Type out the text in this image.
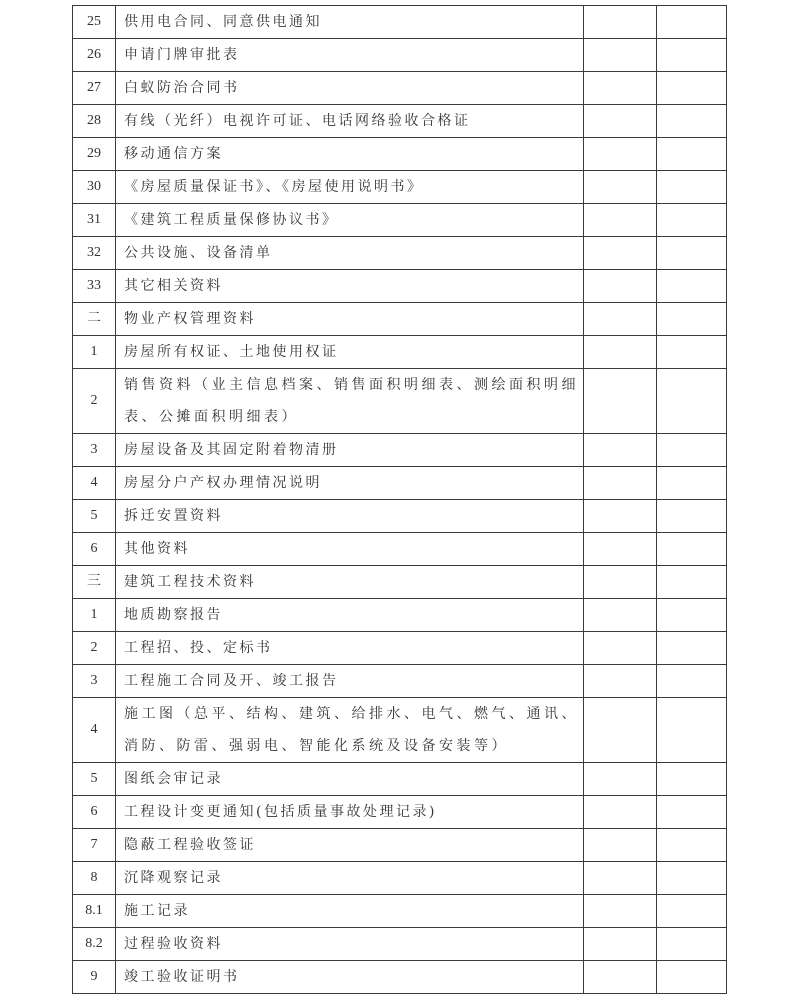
25	供用电合同、同意供电通知		
26	申请门牌审批表		
27	白蚁防治合同书		
28	有线（光纤）电视许可证、电话网络验收合格证		
29	移动通信方案		
30	《房屋质量保证书》、《房屋使用说明书》		
31	《建筑工程质量保修协议书》		
32	公共设施、设备清单		
33	其它相关资料		
二	物业产权管理资料		
1	房屋所有权证、土地使用权证		
2	销售资料（业主信息档案、销售面积明细表、测绘面积明细表、公摊面积明细表）		
3	房屋设备及其固定附着物清册		
4	房屋分户产权办理情况说明		
5	拆迁安置资料		
6	其他资料		
三	建筑工程技术资料		
1	地质勘察报告		
2	工程招、投、定标书		
3	工程施工合同及开、竣工报告		
4	施工图（总平、结构、建筑、给排水、电气、燃气、通讯、消防、防雷、强弱电、智能化系统及设备安装等）		
5	图纸会审记录		
6	工程设计变更通知(包括质量事故处理记录)		
7	隐蔽工程验收签证		
8	沉降观察记录		
8.1	施工记录		
8.2	过程验收资料		
9	竣工验收证明书		
